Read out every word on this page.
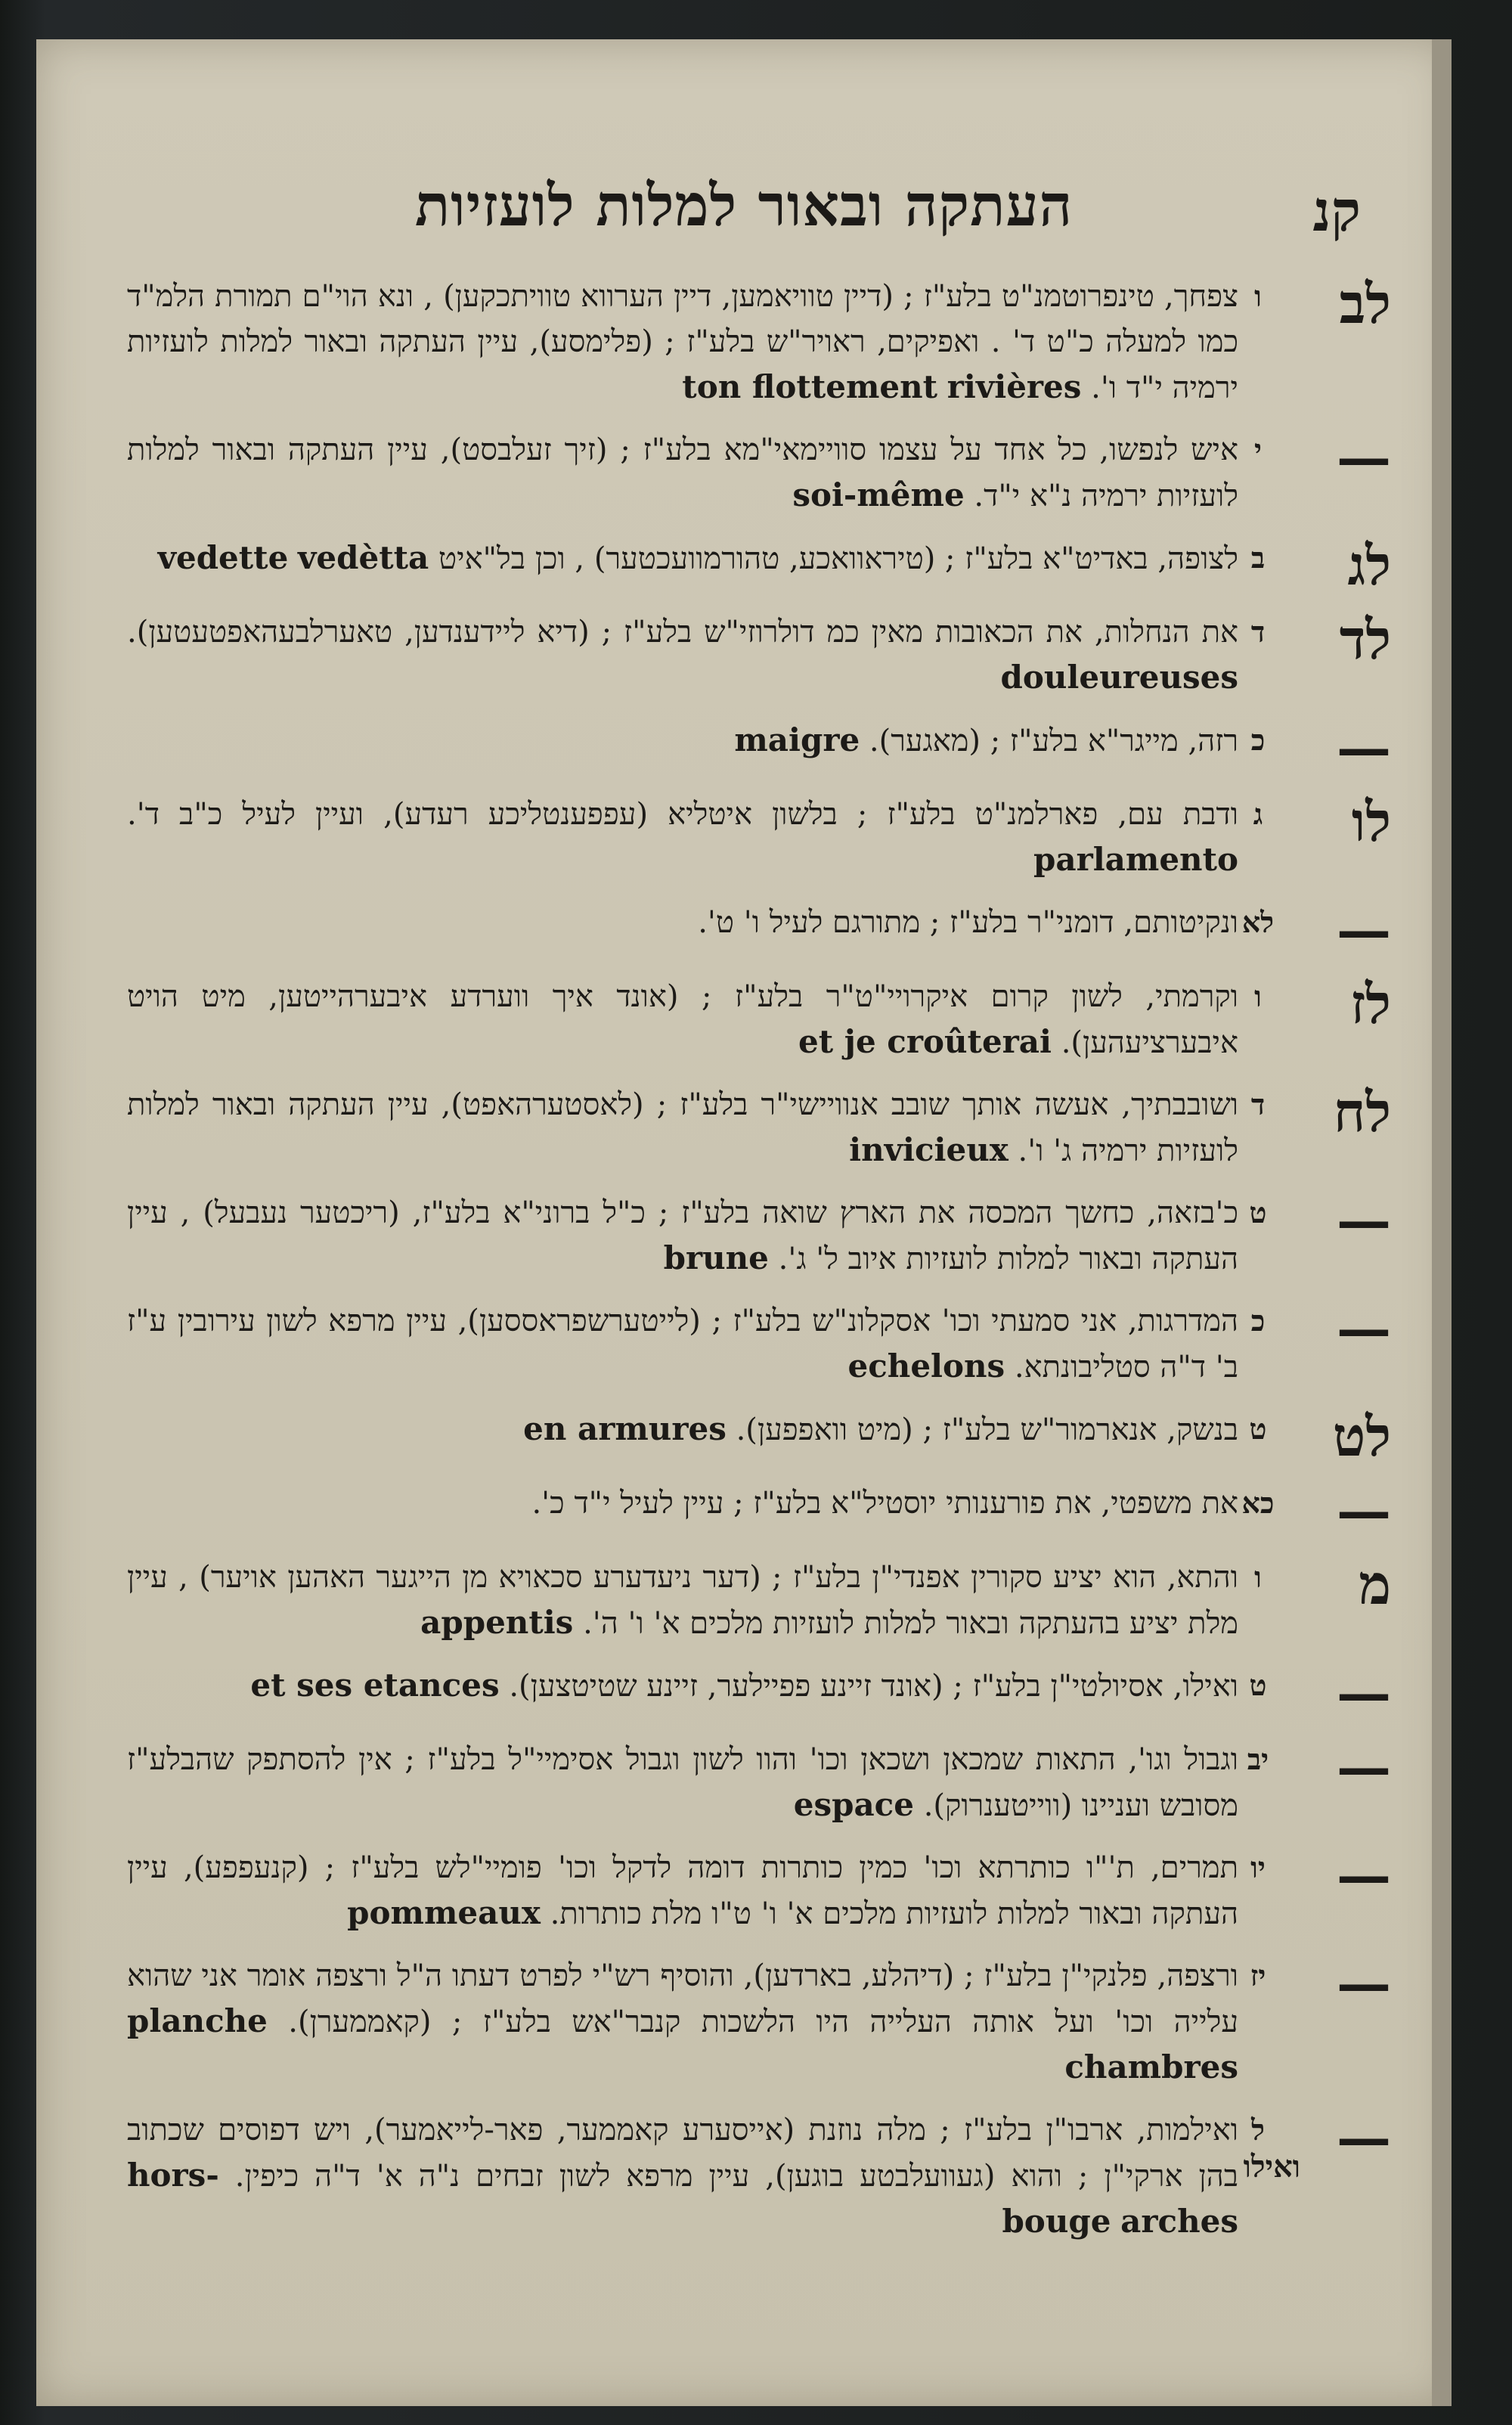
קנ
העתקה ובאור למלות לועזיות
לב
ו
צפחך, טינפרוטמנ"ט בלע"ז ; (דיין טוויאמען, דיין הערווא טוויתכקען) , ונא הוי"ם תמורת הלמ"ד כמו למעלה כ"ט ד' . ואפיקים, ראויר"ש בלע"ז ; (פלימסע), עיין העתקה ובאור למלות לועזיות ירמיה י"ד ו'. ton flottement rivières
—
י
איש לנפשו, כל אחד על עצמו סוויימאי"מא בלע"ז ; (זיך זעלבסט), עיין העתקה ובאור למלות לועזיות ירמיה נ"א י"ד. soi-même
לג
ב
לצופה, באדיט"א בלע"ז ; (טיראוואכע, טהורמוועכטער) , וכן בל"איט vedette vedètta
לד
ד
את הנחלות, את הכאובות מאין כמ דולרוזי"ש בלע"ז ; (דיא ליידענדען, טאערלבעהאפטעטען). douleureuses
—
כ
רזה, מייגר"א בלע"ז ; (מאגער). maigre
לו
ג
ודבת עם, פארלמנ"ט בלע"ז ; בלשון איטליא (עפפענטליכע רעדע), ועיין לעיל כ"ב ד'. parlamento
—
לא
ונקיטותם, דומני"ר בלע"ז ; מתורגם לעיל ו' ט'.
לז
ו
וקרמתי, לשון קרום איקרויי"ט"ר בלע"ז ; (אונד איך ווערדע איבערהייטען, מיט הויט איבערציעהען). et je croûterai
לח
ד
ושובבתיך, אעשה אותך שובב אנוויישי"ר בלע"ז ; (לאסטערהאפט), עיין העתקה ובאור למלות לועזיות ירמיה ג' ו'. invicieux
—
ט
כ'בזאה, כחשך המכסה את הארץ שואה בלע"ז ; כ"ל ברוני"א בלע"ז, (ריכטער נעבעל) , עיין העתקה ובאור למלות לועזיות איוב ל' ג'. brune
—
כ
המדרגות, אני סמעתי וכו' אסקלונ"ש בלע"ז ; (לייטערשפראססען), עיין מרפא לשון עירובין ע"ז ב' ד"ה סטליבונתא. echelons
לט
ט
בנשק, אנארמור"ש בלע"ז ; (מיט וואפפען). en armures
—
כא
את משפטי, את פורענותי יוסטיל"א בלע"ז ; עיין לעיל י"ד כ'.
מ
ו
והתא, הוא יציע סקורין אפנדי"ן בלע"ז ; (דער ניעדערע סכאויא מן הייגער האהען אויער) , עיין מלת יציע בהעתקה ובאור למלות לועזיות מלכים א' ו' ה'. appentis
—
ט
ואילו, אסיולטי"ן בלע"ז ; (אונד זיינע פפיילער, זיינע שטיטצען). et ses etances
—
יב
וגבול וגו', התאות שמכאן ושכאן וכו' והוו לשון וגבול אסימיי"ל בלע"ז ; אין להסתפק שהבלע"ז מסובש ועניינו (ווייטענרוק). espace
—
יו
תמרים, ת'"ו כותרתא וכו' כמין כותרות דומה לדקל וכו' פומיי"לש בלע"ז ; (קנעפפע), עיין העתקה ובאור למלות לועזיות מלכים א' ו' ט"ו מלת כותרות. pommeaux
—
יז
ורצפה, פלנקי"ן בלע"ז ; (דיהלע, בארדען), והוסיף רש"י לפרט דעתו ה"ל ורצפה אומר אני שהוא עלייה וכו' ועל אותה העלייה היו הלשכות קנבר"אש בלע"ז ; (קאממערן). planche chambres
—
ל
ואילמות, ארבו"ן בלע"ז ; מלה נוזנת (אייסערע קאממער, פאר-לייאמער), ויש דפוסים שכתוב בהן ארקי"ן ; והוא (געוועלבטע בוגען), עיין מרפא לשון זבחים נ"ה א' ד"ה כיפין. hors-bouge arches
ואילו
